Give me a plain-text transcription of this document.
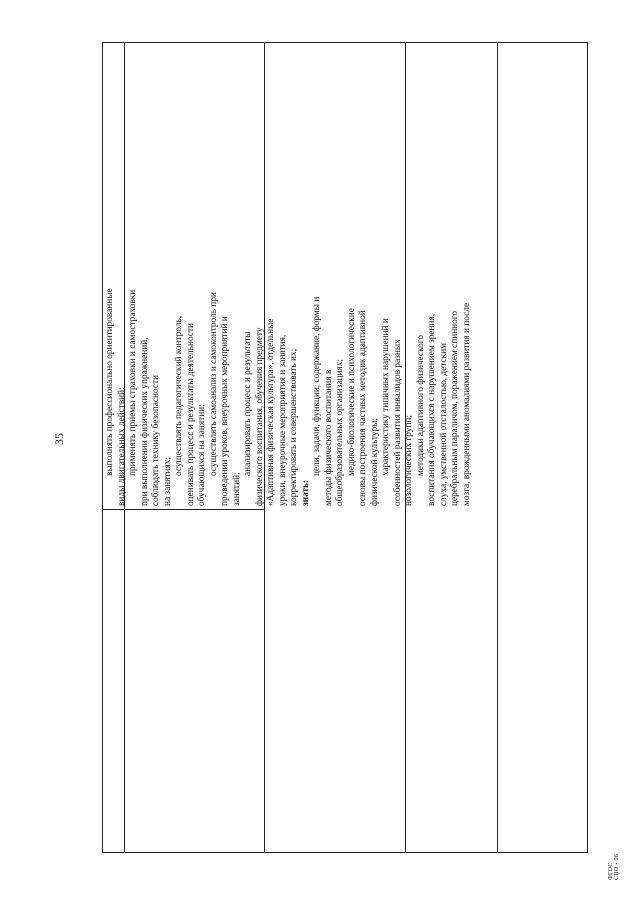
35	выполнять профессионально ориентированные виды двигательных действий; применять приемы страховки и самостраховки при выполнении физических упражнений, соблюдать технику безопасности на занятиях;
осуществлять педагогический контроль, оценивать процесс и результаты деятельности обучающихся на занятии; осуществлять самоанализ и самоконтроль при проведении уроков, внеурочных мероприятий и занятий;
анализировать процесс и результаты физического воспитания, обучения предмету «Адаптивная физическая культура», отдельные уроки, внеурочные мероприятия и занятия, корректировать и совершенствовать их; знать:
цели, задачи, функции, содержание, формы и методы физического воспитания в общеобразовательных организациях; медико-биологические и психологические основы построения частных методик адаптивной физической культуры; характеристику типичных нарушений и особенностей развития инвалидов разных нозологических групп; методики адаптивного физического воспитания обучающихся с нарушением зрения, слуха, умственной отсталостью, детским церебральным параличом, поражением спинного мозга, врожденными аномалиями развития и после
ФГОС СПО - 06
